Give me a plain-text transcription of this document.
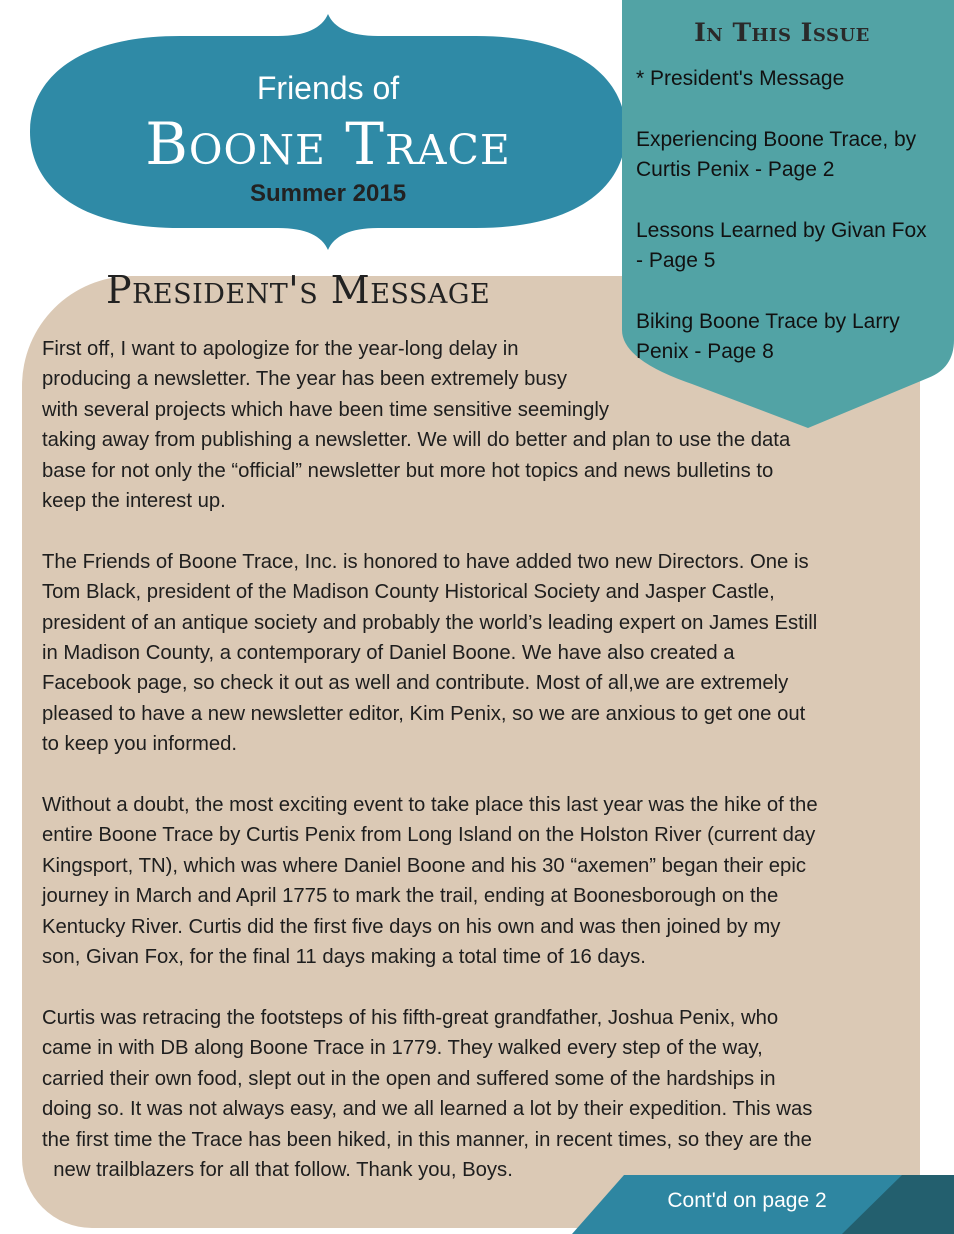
Friends of
Boone Trace
Summer 2015
In This Issue
* President's Message
Experiencing Boone Trace, by
Curtis Penix - Page 2
Lessons Learned by Givan Fox
- Page 5
Biking Boone Trace by Larry
Penix - Page 8
President's Message
First off, I want to apologize for the year-long delay in
producing a newsletter. The year has been extremely busy
with several projects which have been time sensitive seemingly
taking away from publishing a newsletter. We will do better and plan to use the data
base for not only the “official” newsletter but more hot topics and news bulletins to
keep the interest up.
The Friends of Boone Trace, Inc. is honored to have added two new Directors. One is
Tom Black, president of the Madison County Historical Society and Jasper Castle,
president of an antique society and probably the world’s leading expert on James Estill
in Madison County, a contemporary of Daniel Boone. We have also created a
Facebook page, so check it out as well and contribute. Most of all,we are extremely
pleased to have a new newsletter editor, Kim Penix, so we are anxious to get one out
to keep you informed.
Without a doubt, the most exciting event to take place this last year was the hike of the
entire Boone Trace by Curtis Penix from Long Island on the Holston River (current day
Kingsport, TN), which was where Daniel Boone and his 30 “axemen” began their epic
journey in March and April 1775 to mark the trail, ending at Boonesborough on the
Kentucky River. Curtis did the first five days on his own and was then joined by my
son, Givan Fox, for the final 11 days making a total time of 16 days.
Curtis was retracing the footsteps of his fifth-great grandfather, Joshua Penix, who
came in with DB along Boone Trace in 1779. They walked every step of the way,
carried their own food, slept out in the open and suffered some of the hardships in
doing so. It was not always easy, and we all learned a lot by their expedition. This was
the first time the Trace has been hiked, in this manner, in recent times, so they are the
new trailblazers for all that follow. Thank you, Boys.
Cont'd on page 2
